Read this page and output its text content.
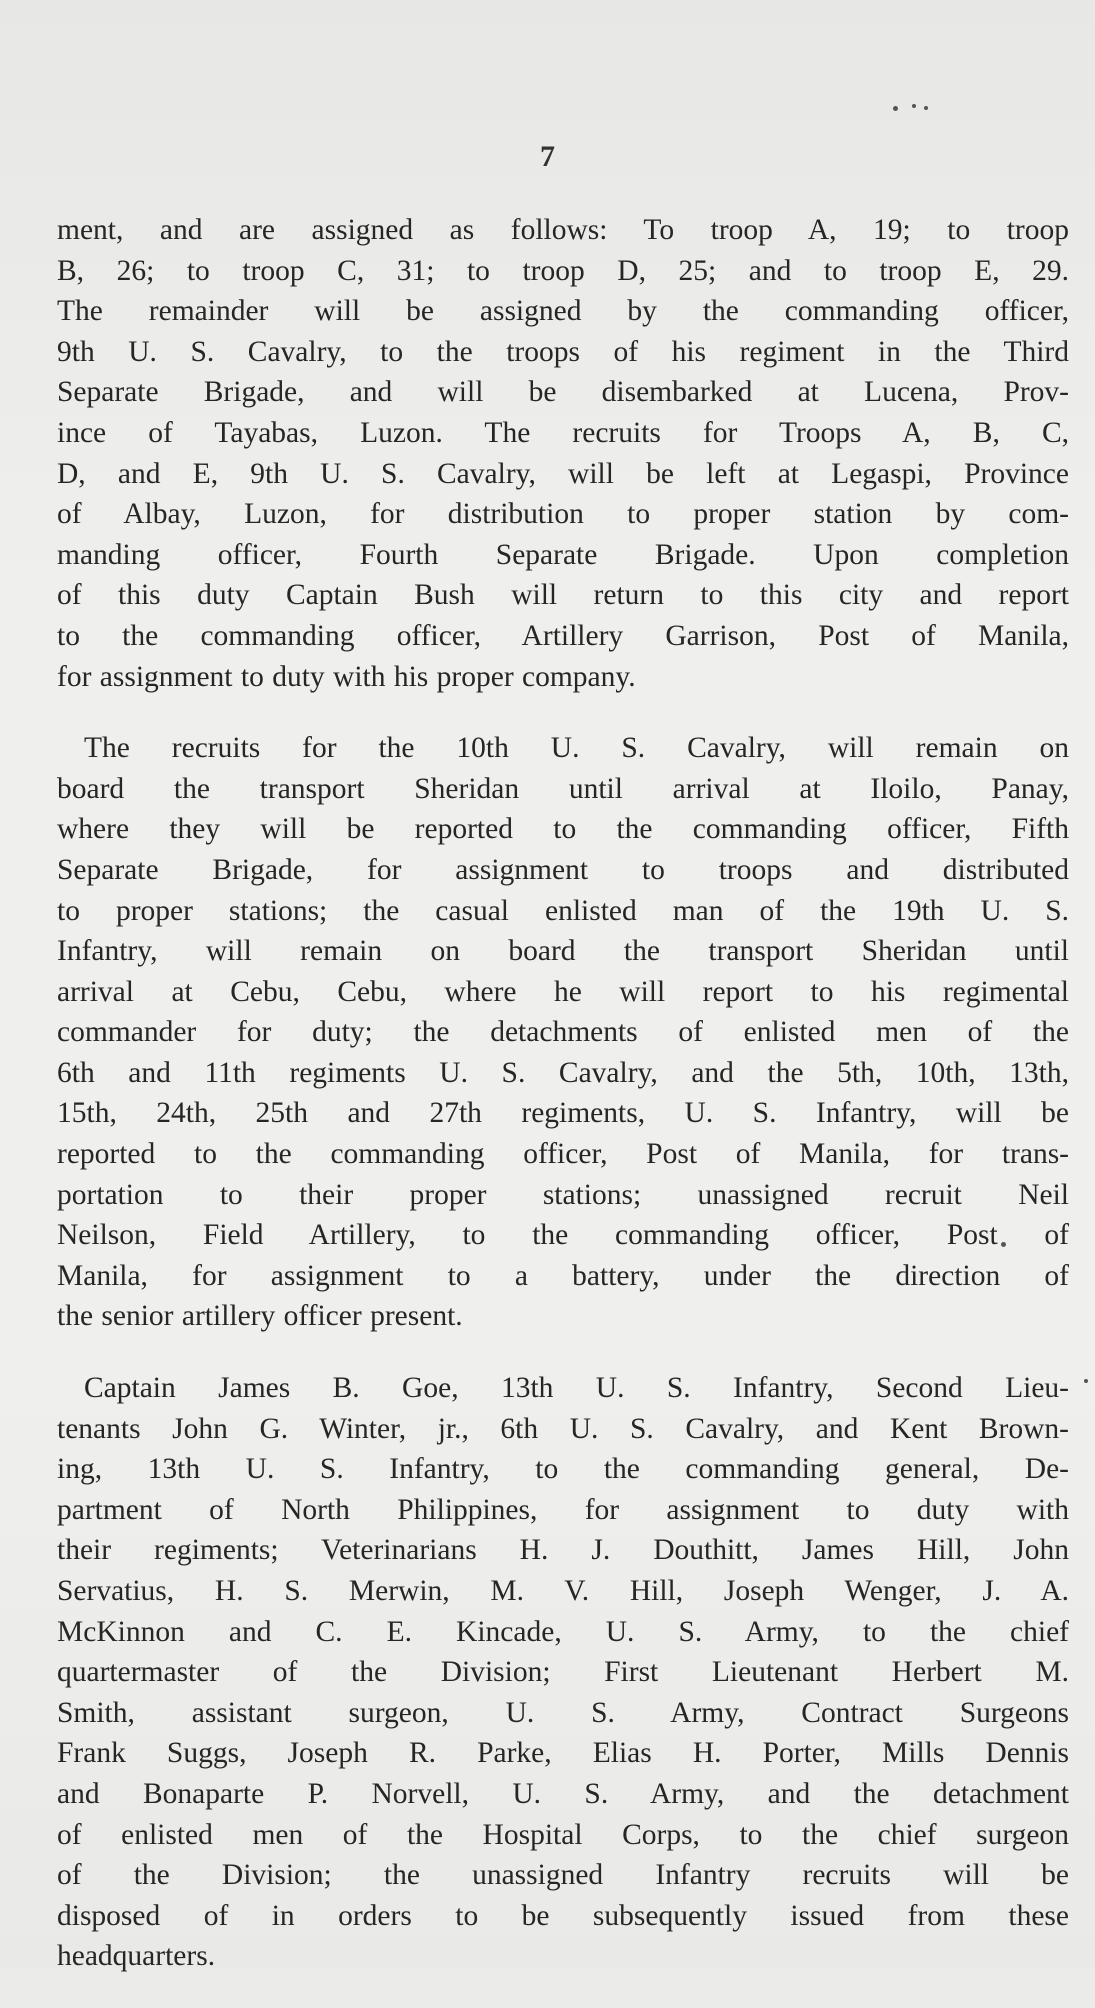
7
ment, and are assigned as follows: To troop A, 19; to troop
B, 26; to troop C, 31; to troop D, 25; and to troop E, 29.
The remainder will be assigned by the commanding officer,
9th U. S. Cavalry, to the troops of his regiment in the Third
Separate Brigade, and will be disembarked at Lucena, Prov-
ince of Tayabas, Luzon. The recruits for Troops A, B, C,
D, and E, 9th U. S. Cavalry, will be left at Legaspi, Province
of Albay, Luzon, for distribution to proper station by com-
manding officer, Fourth Separate Brigade. Upon completion
of this duty Captain Bush will return to this city and report
to the commanding officer, Artillery Garrison, Post of Manila,
for assignment to duty with his proper company.
The recruits for the 10th U. S. Cavalry, will remain on
board the transport Sheridan until arrival at Iloilo, Panay,
where they will be reported to the commanding officer, Fifth
Separate Brigade, for assignment to troops and distributed
to proper stations; the casual enlisted man of the 19th U. S.
Infantry, will remain on board the transport Sheridan until
arrival at Cebu, Cebu, where he will report to his regimental
commander for duty; the detachments of enlisted men of the
6th and 11th regiments U. S. Cavalry, and the 5th, 10th, 13th,
15th, 24th, 25th and 27th regiments, U. S. Infantry, will be
reported to the commanding officer, Post of Manila, for trans-
portation to their proper stations; unassigned recruit Neil
Neilson, Field Artillery, to the commanding officer, Post of
Manila, for assignment to a battery, under the direction of
the senior artillery officer present.
Captain James B. Goe, 13th U. S. Infantry, Second Lieu-
tenants John G. Winter, jr., 6th U. S. Cavalry, and Kent Brown-
ing, 13th U. S. Infantry, to the commanding general, De-
partment of North Philippines, for assignment to duty with
their regiments; Veterinarians H. J. Douthitt, James Hill, John
Servatius, H. S. Merwin, M. V. Hill, Joseph Wenger, J. A.
McKinnon and C. E. Kincade, U. S. Army, to the chief
quartermaster of the Division; First Lieutenant Herbert M.
Smith, assistant surgeon, U. S. Army, Contract Surgeons
Frank Suggs, Joseph R. Parke, Elias H. Porter, Mills Dennis
and Bonaparte P. Norvell, U. S. Army, and the detachment
of enlisted men of the Hospital Corps, to the chief surgeon
of the Division; the unassigned Infantry recruits will be
disposed of in orders to be subsequently issued from these
headquarters.
